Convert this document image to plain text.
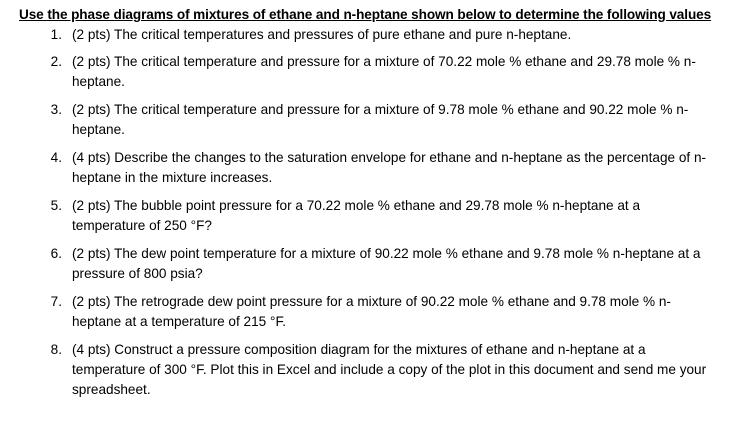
Use the phase diagrams of mixtures of ethane and n-heptane shown below to determine the following values

1. (2 pts) The critical temperatures and pressures of pure ethane and pure n-heptane.
2. (2 pts) The critical temperature and pressure for a mixture of 70.22 mole % ethane and 29.78 mole % n-heptane.
3. (2 pts) The critical temperature and pressure for a mixture of 9.78 mole % ethane and 90.22 mole % n-heptane.
4. (4 pts) Describe the changes to the saturation envelope for ethane and n-heptane as the percentage of n-heptane in the mixture increases.
5. (2 pts) The bubble point pressure for a 70.22 mole % ethane and 29.78 mole % n-heptane at a temperature of 250 °F?
6. (2 pts) The dew point temperature for a mixture of 90.22 mole % ethane and 9.78 mole % n-heptane at a pressure of 800 psia?
7. (2 pts) The retrograde dew point pressure for a mixture of 90.22 mole % ethane and 9.78 mole % n-heptane at a temperature of 215 °F.
8. (4 pts) Construct a pressure composition diagram for the mixtures of ethane and n-heptane at a temperature of 300 °F. Plot this in Excel and include a copy of the plot in this document and send me your spreadsheet.
